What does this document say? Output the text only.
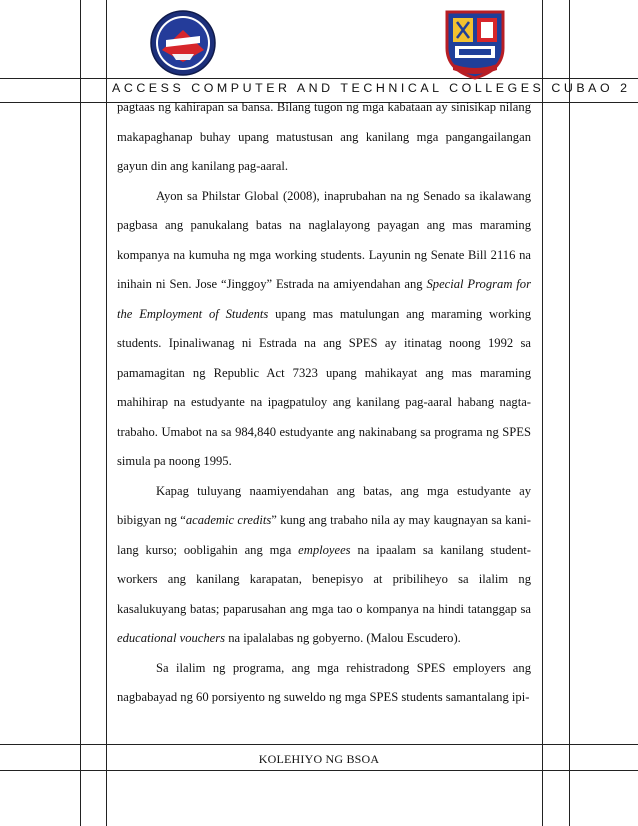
ACCESS COMPUTER AND TECHNICAL COLLEGES CUBAO 2

pagtaas ng kahirapan sa bansa. Bilang tugon ng mga kabataan ay sinisikap nilang makapaghanap buhay upang matustusan ang kanilang mga pangangailangan gayun din ang kanilang pag-aaral.

Ayon sa Philstar Global (2008), inaprubahan na ng Senado sa ikalawang pagbasa ang panukalang batas na naglalayong payagan ang mas maraming kompanya na kumuha ng mga working students. Layunin ng Senate Bill 2116 na inihain ni Sen. Jose “Jinggoy” Estrada na amiyendahan ang Special Program for the Employment of Students upang mas matulungan ang maraming working students. Ipinaliwanag ni Estrada na ang SPES ay itinatag noong 1992 sa pamamagitan ng Republic Act 7323 upang mahikayat ang mas maraming mahihirap na estudyante na ipagpatuloy ang kanilang pag-aaral habang nagta-trabaho. Umabot na sa 984,840 estudyante ang nakinabang sa programa ng SPES simula pa noong 1995.

Kapag tuluyang naamiyendahan ang batas, ang mga estudyante ay bibigyan ng “academic credits” kung ang trabaho nila ay may kaugnayan sa kani-lang kurso; oobligahin ang mga employees na ipaalam sa kanilang student-workers ang kanilang karapatan, benepisyo at pribiliheyo sa ilalim ng kasalukuyang batas; paparusahan ang mga tao o kompanya na hindi tatanggap sa educational vouchers na ipalalabas ng gobyerno. (Malou Escudero).

Sa ilalim ng programa, ang mga rehistradong SPES employers ang nagbabayad ng 60 porsiyento ng suweldo ng mga SPES students samantalang ipi-

KOLEHIYO NG BSOA
